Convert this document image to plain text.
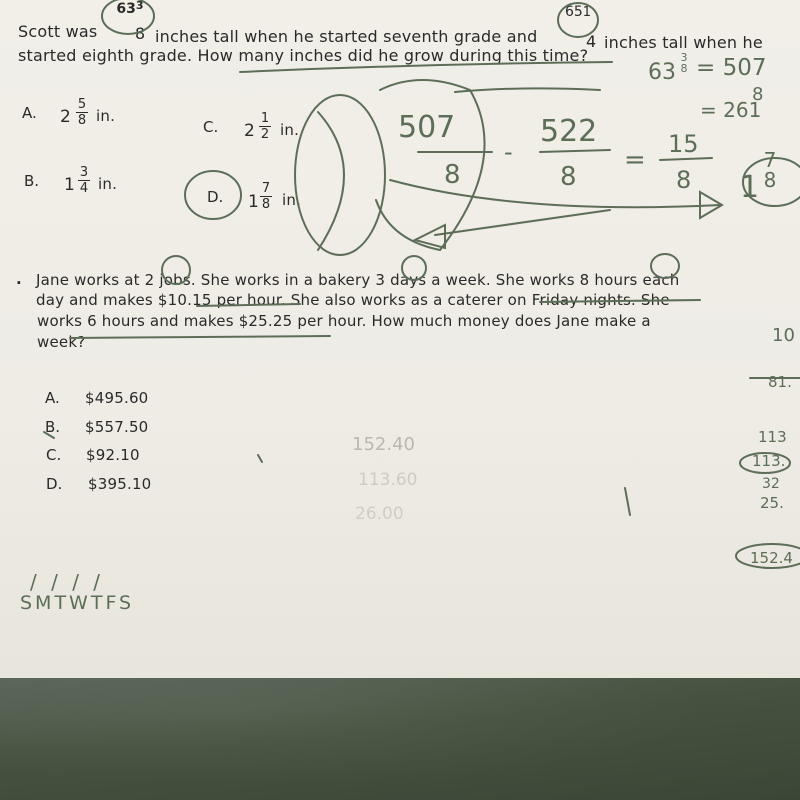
Scott was
$63^3$
8 inches tall when he started seventh grade and
651
4 inches tall when he
started eighth grade. How many inches did he grow during this time?
A. 2
5
8 in.
C. 2
1
2 in.
B. 1
3
4 in.
D. 1
7
8 in.
. Jane works at 2 jobs. She works in a bakery 3 days a week. She works 8 hours each
day and makes $10.15 per hour. She also works as a caterer on Friday nights. She
works 6 hours and makes $25.25 per hour. How much money does Jane make a
week?
A. $495.60
B. $557.50
C. $92.10
D. $395.10
63
3
8 = 507
8
= 261
507
8
-
522
8
=
15
8 1
7
8
10
81.
113
113.
32
25.
152.4
152.40
113.60
26.00
/ / / /
SMTWTFS
